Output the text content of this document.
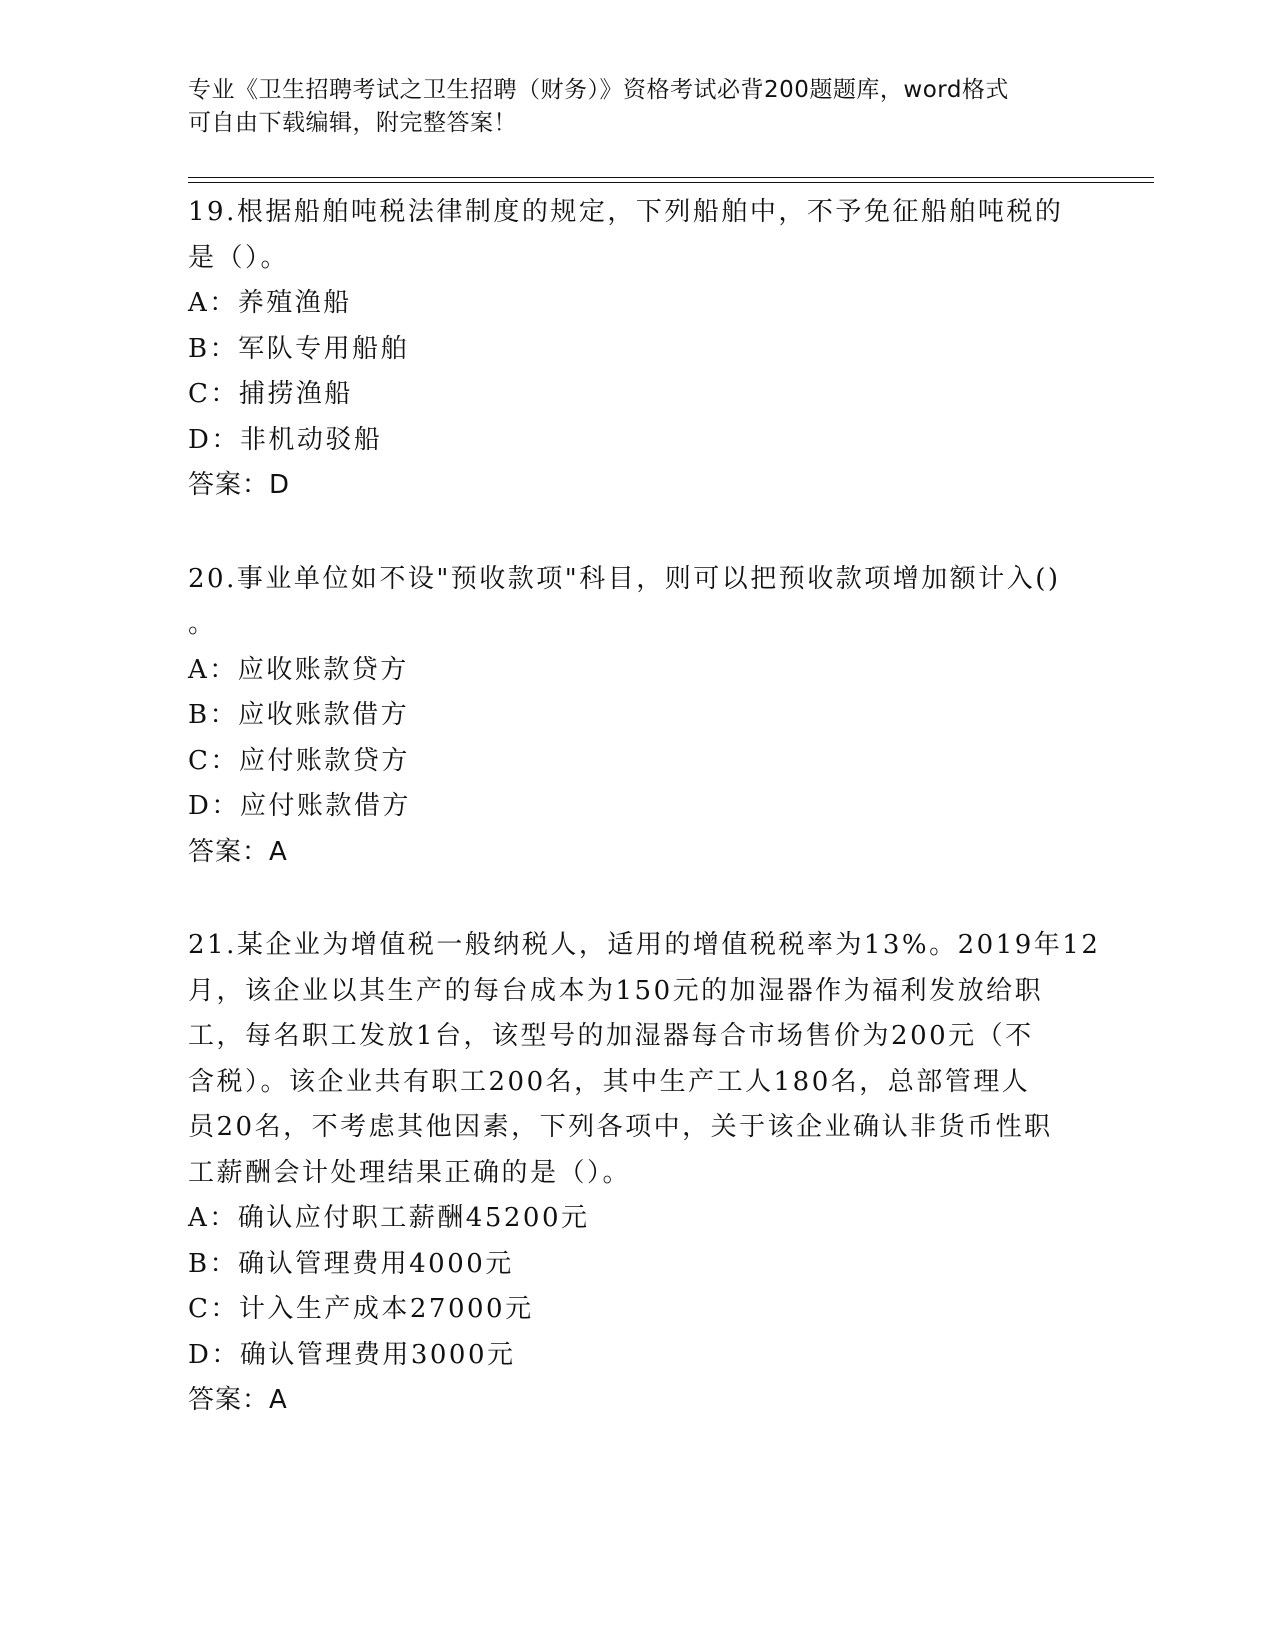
专业《卫生招聘考试之卫生招聘（财务）》资格考试必背200题题库，word格式
可自由下载编辑，附完整答案！
19.根据船舶吨税法律制度的规定，下列船舶中，不予免征船舶吨税的
是（）。
A：养殖渔船
B：军队专用船舶
C：捕捞渔船
D：非机动驳船
答案：D
20.事业单位如不设"预收款项"科目，则可以把预收款项增加额计入()
。
A：应收账款贷方
B：应收账款借方
C：应付账款贷方
D：应付账款借方
答案：A
21.某企业为增值税一般纳税人，适用的增值税税率为13%。2019年12
月，该企业以其生产的每台成本为150元的加湿器作为福利发放给职
工，每名职工发放1台，该型号的加湿器每合市场售价为200元（不
含税）。该企业共有职工200名，其中生产工人180名，总部管理人
员20名，不考虑其他因素，下列各项中，关于该企业确认非货币性职
工薪酬会计处理结果正确的是（）。
A：确认应付职工薪酬45200元
B：确认管理费用4000元
C：计入生产成本27000元
D：确认管理费用3000元
答案：A
